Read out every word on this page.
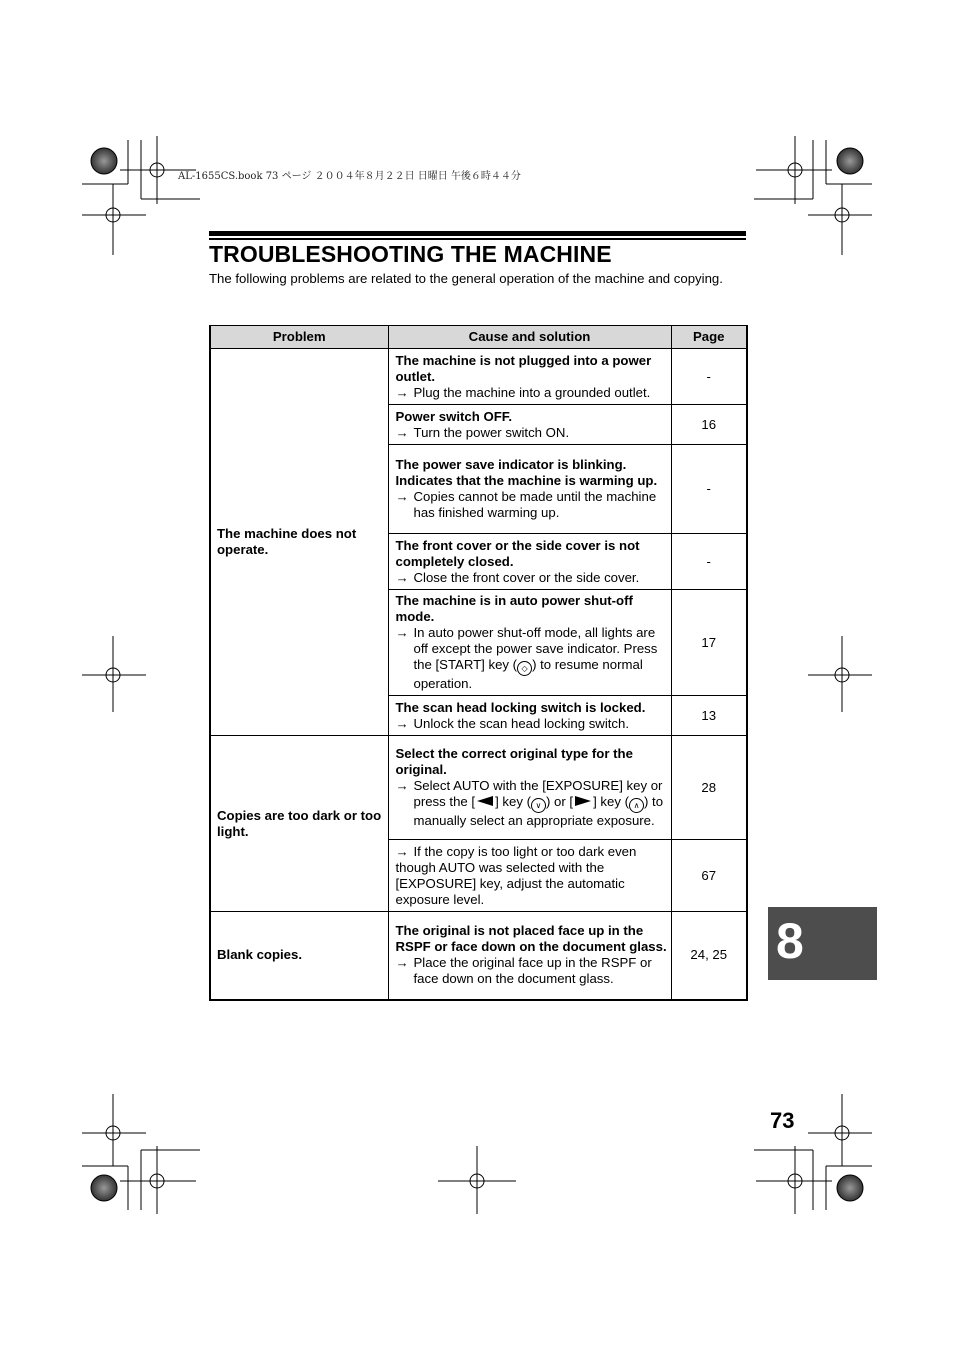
AL-1655CS.book 73 ページ ２００４年８月２２日 日曜日 午後６時４４分
TROUBLESHOOTING THE MACHINE

The following problems are related to the general operation of the machine and copying.

Problem	Cause and solution	Page
The machine does not operate.	The machine is not plugged into a power outlet.
→ Plug the machine into a grounded outlet.	-

	Power switch OFF.
→ Turn the power switch ON.	16

	The power save indicator is blinking. Indicates that the machine is warming up.
→ Copies cannot be made until the machine has finished warming up.	-

	The front cover or the side cover is not completely closed.
→ Close the front cover or the side cover.	-

	The machine is in auto power shut-off mode.
→ In auto power shut-off mode, all lights are off except the power save indicator. Press the [START] key ( ◇ ) to resume normal operation.	17

	The scan head locking switch is locked.
→ Unlock the scan head locking switch.	13
Copies are too dark or too light.	Select the correct original type for the original.
→ Select AUTO with the [EXPOSURE] key or press the [ ] key ( ∨ ) or [ ] key ( ∧ ) to manually select an appropriate exposure.	28

	→ If the copy is too light or too dark even though AUTO was selected with the [EXPOSURE] key, adjust the automatic exposure level.	67
Blank copies.	The original is not placed face up in the RSPF or face down on the document glass.
→ Place the original face up in the RSPF or face down on the document glass.	24, 25 8
73
